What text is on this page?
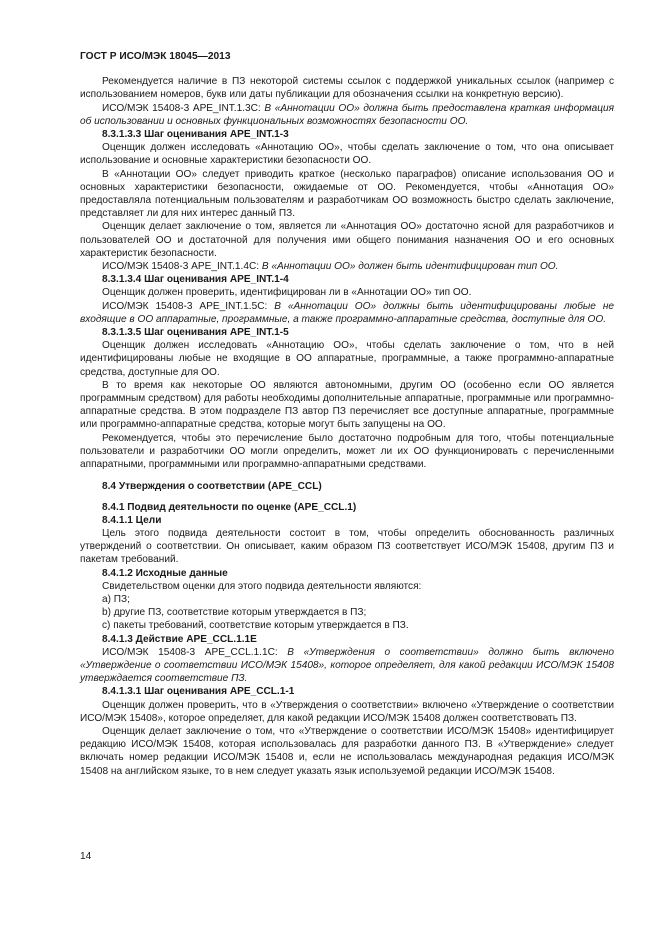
ГОСТ Р ИСО/МЭК 18045—2013

Рекомендуется наличие в ПЗ некоторой системы ссылок с поддержкой уникальных ссылок (например с использованием номеров, букв или даты публикации для обозначения ссылки на конкретную версию).

ИСО/МЭК 15408-3 APE_INT.1.3C: В «Аннотации ОО» должна быть предоставлена краткая информация об использовании и основных функциональных возможностях безопасности ОО.

8.3.1.3.3 Шаг оценивания APE_INT.1-3

Оценщик должен исследовать «Аннотацию ОО», чтобы сделать заключение о том, что она описывает использование и основные характеристики безопасности ОО.

В «Аннотации ОО» следует приводить краткое (несколько параграфов) описание использования ОО и основных характеристики безопасности, ожидаемые от ОО. Рекомендуется, чтобы «Аннотация ОО» предоставляла потенциальным пользователям и разработчикам ОО возможность быстро сделать заключение, представляет ли для них интерес данный ПЗ.

Оценщик делает заключение о том, является ли «Аннотация ОО» достаточно ясной для разработчиков и пользователей ОО и достаточной для получения ими общего понимания назначения ОО и его основных характеристик безопасности.

ИСО/МЭК 15408-3 APE_INT.1.4C: В «Аннотации ОО» должен быть идентифицирован тип ОО.

8.3.1.3.4 Шаг оценивания APE_INT.1-4

Оценщик должен проверить, идентифицирован ли в «Аннотации ОО» тип ОО.

ИСО/МЭК 15408-3 APE_INT.1.5C: В «Аннотации ОО» должны быть идентифицированы любые не входящие в ОО аппаратные, программные, а также программно-аппаратные средства, доступные для ОО.

8.3.1.3.5 Шаг оценивания APE_INT.1-5

Оценщик должен исследовать «Аннотацию ОО», чтобы сделать заключение о том, что в ней идентифицированы любые не входящие в ОО аппаратные, программные, а также программно-аппаратные средства, доступные для ОО.

В то время как некоторые ОО являются автономными, другим ОО (особенно если ОО является программным средством) для работы необходимы дополнительные аппаратные, программные или программно-аппаратные средства. В этом подразделе ПЗ автор ПЗ перечисляет все доступные аппаратные, программные или программно-аппаратные средства, которые могут быть запущены на ОО.

Рекомендуется, чтобы это перечисление было достаточно подробным для того, чтобы потенциальные пользователи и разработчики ОО могли определить, может ли их ОО функционировать с перечисленными аппаратными, программными или программно-аппаратными средствами.

8.4 Утверждения о соответствии (APE_CCL)

8.4.1 Подвид деятельности по оценке (APE_CCL.1)

8.4.1.1 Цели

Цель этого подвида деятельности состоит в том, чтобы определить обоснованность различных утверждений о соответствии. Он описывает, каким образом ПЗ соответствует ИСО/МЭК 15408, другим ПЗ и пакетам требований.

8.4.1.2 Исходные данные

Свидетельством оценки для этого подвида деятельности являются:

a) ПЗ;

b) другие ПЗ, соответствие которым утверждается в ПЗ;

c) пакеты требований, соответствие которым утверждается в ПЗ.

8.4.1.3 Действие APE_CCL.1.1E

ИСО/МЭК 15408-3 APE_CCL.1.1C: В «Утверждения о соответствии» должно быть включено «Утверждение о соответствии ИСО/МЭК 15408», которое определяет, для какой редакции ИСО/МЭК 15408 утверждается соответствие ПЗ.

8.4.1.3.1 Шаг оценивания APE_CCL.1-1

Оценщик должен проверить, что в «Утверждения о соответствии» включено «Утверждение о соответствии ИСО/МЭК 15408», которое определяет, для какой редакции ИСО/МЭК 15408 должен соответствовать ПЗ.

Оценщик делает заключение о том, что «Утверждение о соответствии ИСО/МЭК 15408» идентифицирует редакцию ИСО/МЭК 15408, которая использовалась для разработки данного ПЗ. В «Утверждение» следует включать номер редакции ИСО/МЭК 15408 и, если не использовалась международная редакция ИСО/МЭК 15408 на английском языке, то в нем следует указать язык используемой редакции ИСО/МЭК 15408.

14
